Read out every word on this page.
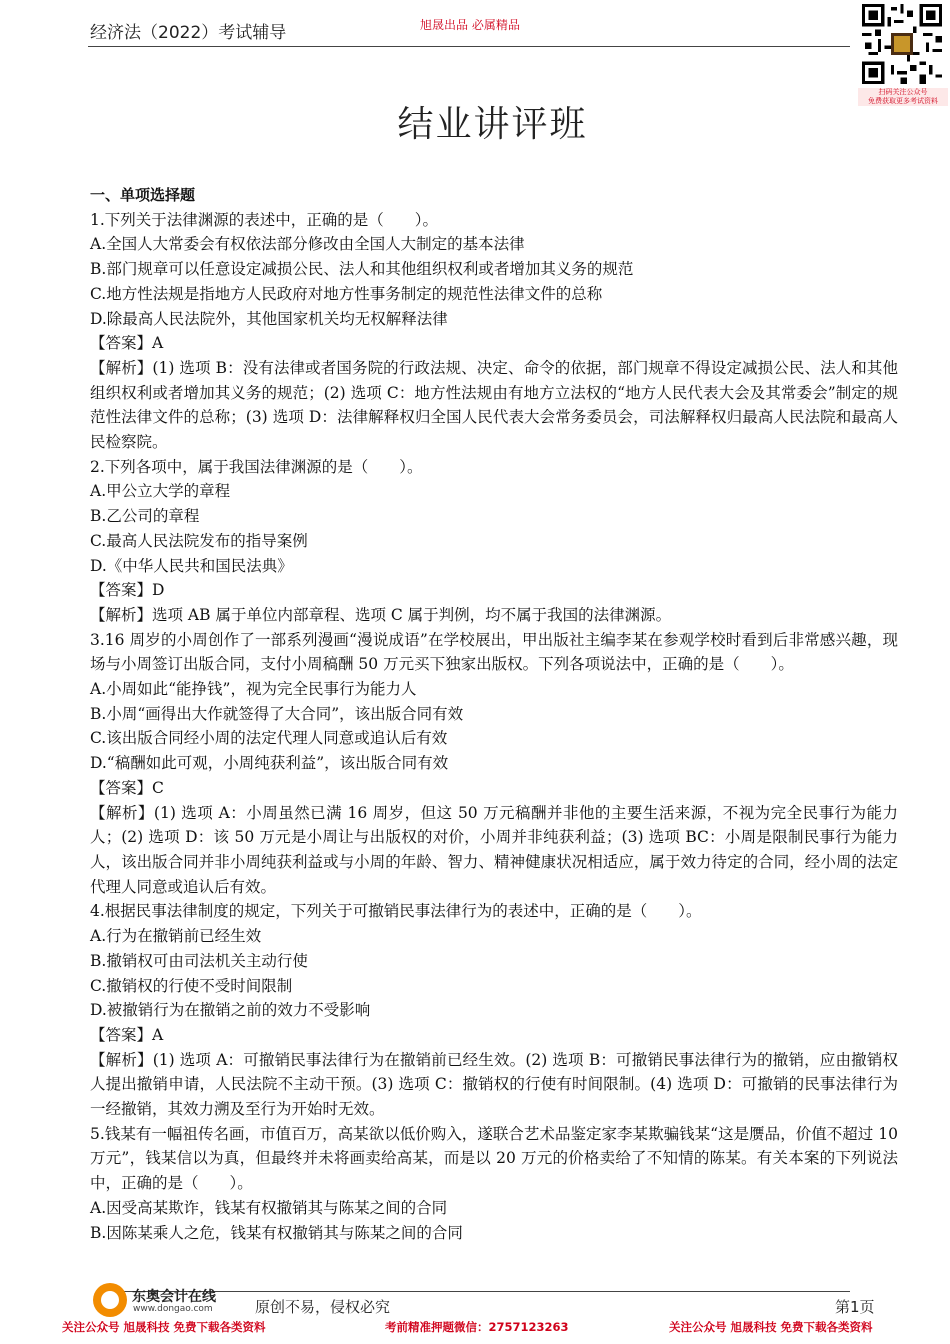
经济法（2022）考试辅导	旭晟出品 必属精品
扫码关注公众号
免费获取更多考试资料
结业讲评班

一、单项选择题

1.下列关于法律渊源的表述中，正确的是（　　）。

A.全国人大常委会有权依法部分修改由全国人大制定的基本法律

B.部门规章可以任意设定减损公民、法人和其他组织权利或者增加其义务的规范

C.地方性法规是指地方人民政府对地方性事务制定的规范性法律文件的总称

D.除最高人民法院外，其他国家机关均无权解释法律

【答案】A

【解析】(1) 选项 B：没有法律或者国务院的行政法规、决定、命令的依据，部门规章不得设定减损公民、法人和其他组织权利或者增加其义务的规范；(2) 选项 C：地方性法规由有地方立法权的“地方人民代表大会及其常委会”制定的规范性法律文件的总称；(3) 选项 D：法律解释权归全国人民代表大会常务委员会，司法解释权归最高人民法院和最高人民检察院。

2.下列各项中，属于我国法律渊源的是（　　）。

A.甲公立大学的章程

B.乙公司的章程

C.最高人民法院发布的指导案例

D.《中华人民共和国民法典》

【答案】D

【解析】选项 AB 属于单位内部章程、选项 C 属于判例，均不属于我国的法律渊源。

3.16 周岁的小周创作了一部系列漫画“漫说成语”在学校展出，甲出版社主编李某在参观学校时看到后非常感兴趣，现场与小周签订出版合同，支付小周稿酬 50 万元买下独家出版权。下列各项说法中，正确的是（　　）。

A.小周如此“能挣钱”，视为完全民事行为能力人

B.小周“画得出大作就签得了大合同”，该出版合同有效

C.该出版合同经小周的法定代理人同意或追认后有效

D.“稿酬如此可观，小周纯获利益”，该出版合同有效

【答案】C

【解析】(1) 选项 A：小周虽然已满 16 周岁，但这 50 万元稿酬并非他的主要生活来源，不视为完全民事行为能力人；(2) 选项 D：该 50 万元是小周让与出版权的对价，小周并非纯获利益；(3) 选项 BC：小周是限制民事行为能力人，该出版合同并非小周纯获利益或与小周的年龄、智力、精神健康状况相适应，属于效力待定的合同，经小周的法定代理人同意或追认后有效。

4.根据民事法律制度的规定，下列关于可撤销民事法律行为的表述中，正确的是（　　）。

A.行为在撤销前已经生效

B.撤销权可由司法机关主动行使

C.撤销权的行使不受时间限制

D.被撤销行为在撤销之前的效力不受影响

【答案】A

【解析】(1) 选项 A：可撤销民事法律行为在撤销前已经生效。(2) 选项 B：可撤销民事法律行为的撤销，应由撤销权人提出撤销申请，人民法院不主动干预。(3) 选项 C：撤销权的行使有时间限制。(4) 选项 D：可撤销的民事法律行为一经撤销，其效力溯及至行为开始时无效。

5.钱某有一幅祖传名画，市值百万，高某欲以低价购入，遂联合艺术品鉴定家李某欺骗钱某“这是赝品，价值不超过 10 万元”，钱某信以为真，但最终并未将画卖给高某，而是以 20 万元的价格卖给了不知情的陈某。有关本案的下列说法中，正确的是（　　）。

A.因受高某欺诈，钱某有权撤销其与陈某之间的合同

B.因陈某乘人之危，钱某有权撤销其与陈某之间的合同

东奥会计在线
www.dongao.com	原创不易，侵权必究	第1页
关注公众号 旭晟科技 免费下载各类资料	考前精准押题微信：2757123263	关注公众号 旭晟科技 免费下载各类资料
